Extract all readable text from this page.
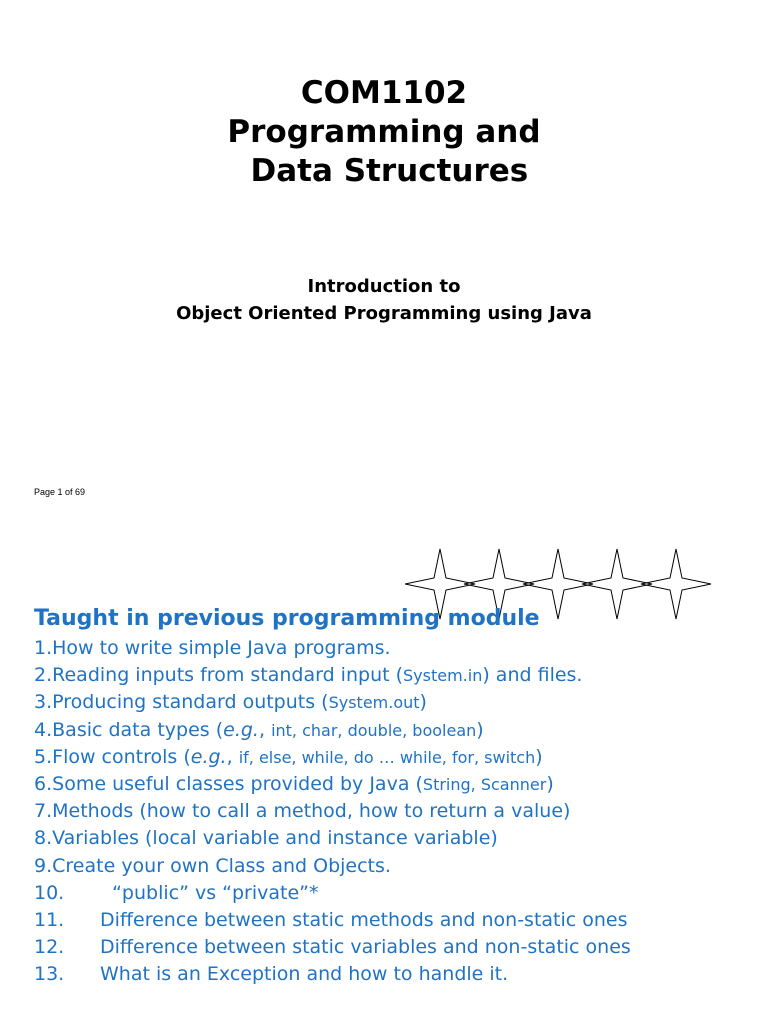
COM1102
Programming and
Data Structures
Introduction to
Object Oriented Programming using Java
Page 1 of 69
Taught in previous programming module
1.How to write simple Java programs.
2.Reading inputs from standard input (System.in) and files.
3.Producing standard outputs (System.out)
4.Basic data types (e.g., int, char, double, boolean)
5.Flow controls (e.g., if, else, while, do … while, for, switch)
6.Some useful classes provided by Java (String, Scanner)
7.Methods (how to call a method, how to return a value)
8.Variables (local variable and instance variable)
9.Create your own Class and Objects.
10.  “public” vs “private”*
11. Difference between static methods and non-static ones
12. Difference between static variables and non-static ones
13. What is an Exception and how to handle it.
